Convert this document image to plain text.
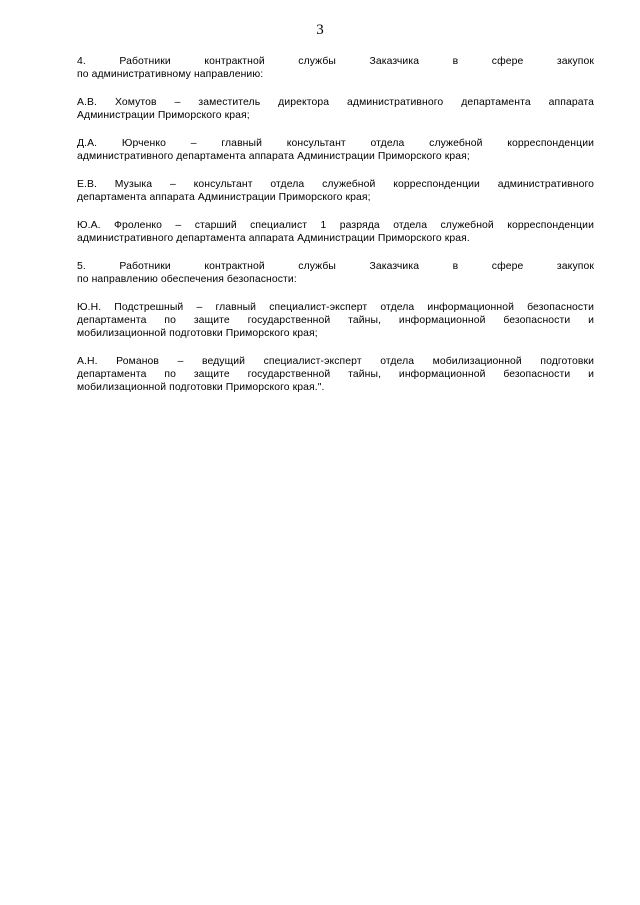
3

4. Работники контрактной службы Заказчика в сфере закупок
по административному направлению:

А.В. Хомутов – заместитель директора административного департамента аппарата
Администрации Приморского края;

Д.А. Юрченко – главный консультант отдела служебной корреспонденции
административного департамента аппарата Администрации Приморского края;

Е.В. Музыка – консультант отдела служебной корреспонденции административного
департамента аппарата Администрации Приморского края;

Ю.А. Фроленко – старший специалист 1 разряда отдела служебной корреспонденции
административного департамента аппарата Администрации Приморского края.

5. Работники контрактной службы Заказчика в сфере закупок
по направлению обеспечения безопасности:

Ю.Н. Подстрешный – главный специалист-эксперт отдела информационной безопасности
департамента по защите государственной тайны, информационной безопасности и
мобилизационной подготовки Приморского края;

А.Н. Романов – ведущий специалист-эксперт отдела мобилизационной подготовки
департамента по защите государственной тайны, информационной безопасности и
мобилизационной подготовки Приморского края.".
